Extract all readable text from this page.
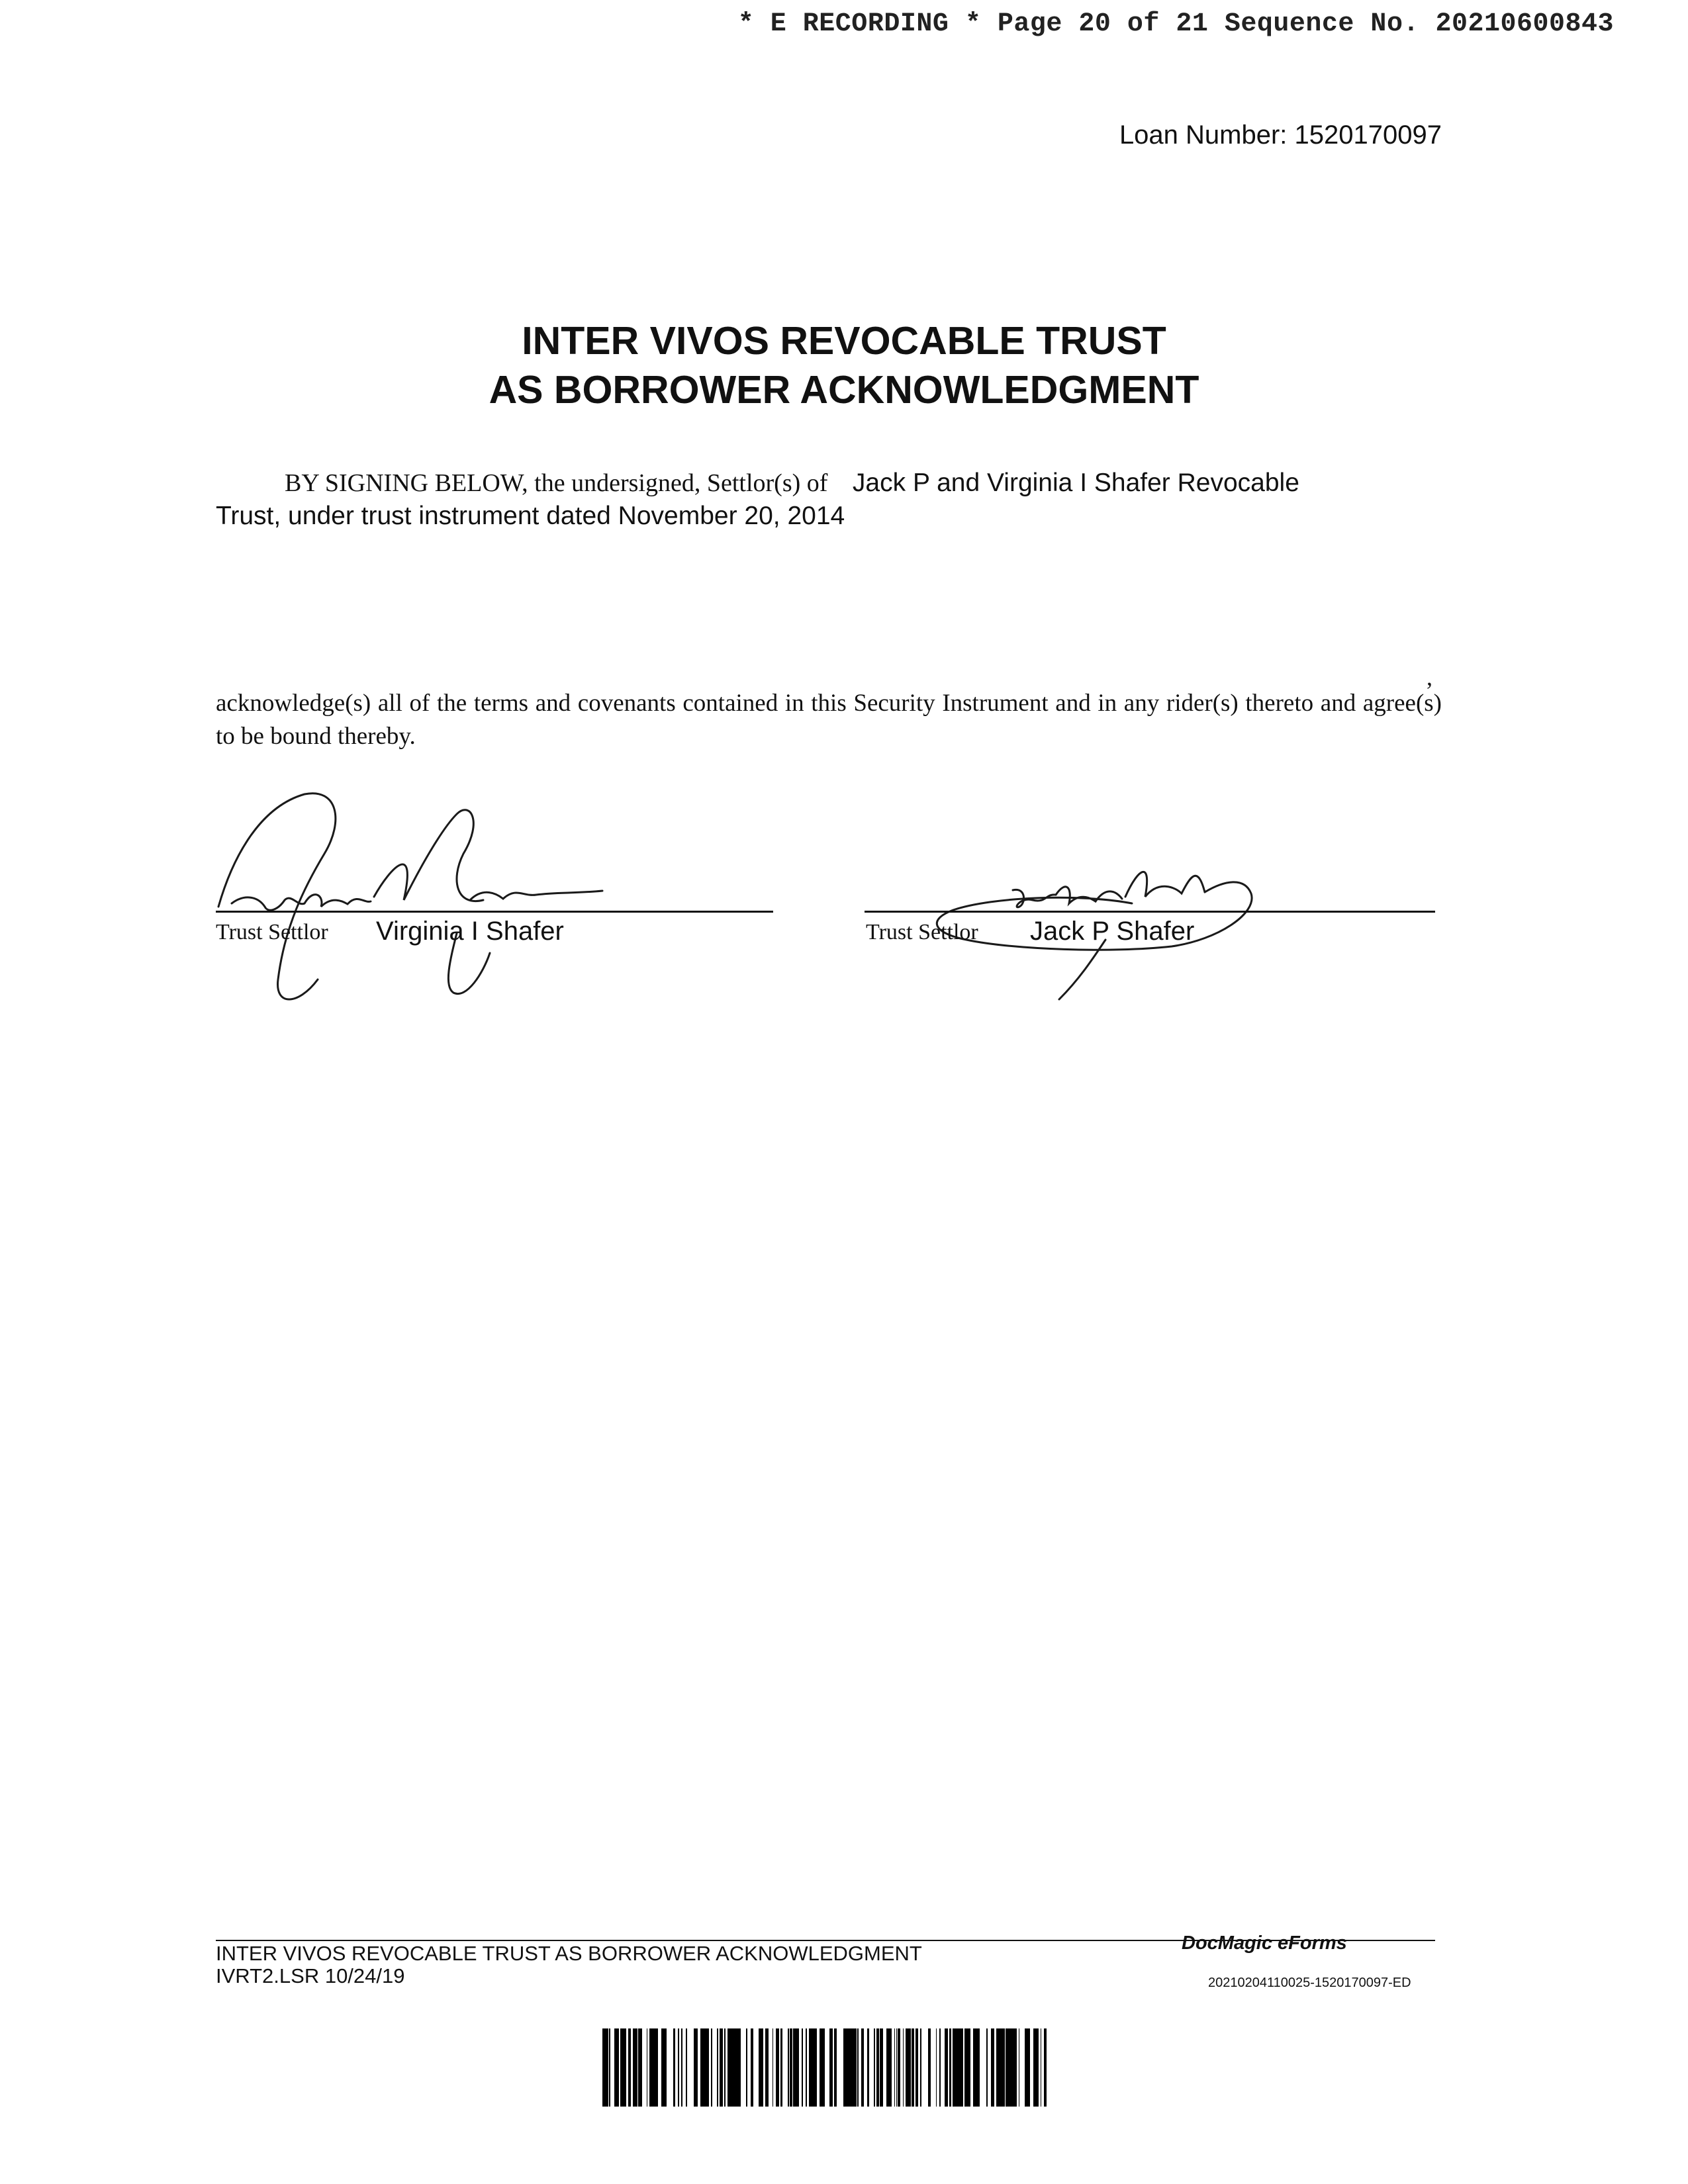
* E RECORDING * Page 20 of 21 Sequence No. 20210600843
Loan Number: 1520170097
INTER VIVOS REVOCABLE TRUST
AS BORROWER ACKNOWLEDGMENT
BY SIGNING BELOW, the undersigned, Settlor(s) of Jack P and Virginia I Shafer Revocable
Trust, under trust instrument dated November 20, 2014
,
acknowledge(s) all of the terms and covenants contained in this Security Instrument and in any rider(s) thereto and agree(s) to be bound thereby.
Trust Settlor Virginia I Shafer	Trust Settlor Jack P Shafer
INTER VIVOS REVOCABLE TRUST AS BORROWER ACKNOWLEDGMENT
IVRT2.LSR 10/24/19
DocMagic eForms
20210204110025-1520170097-ED
